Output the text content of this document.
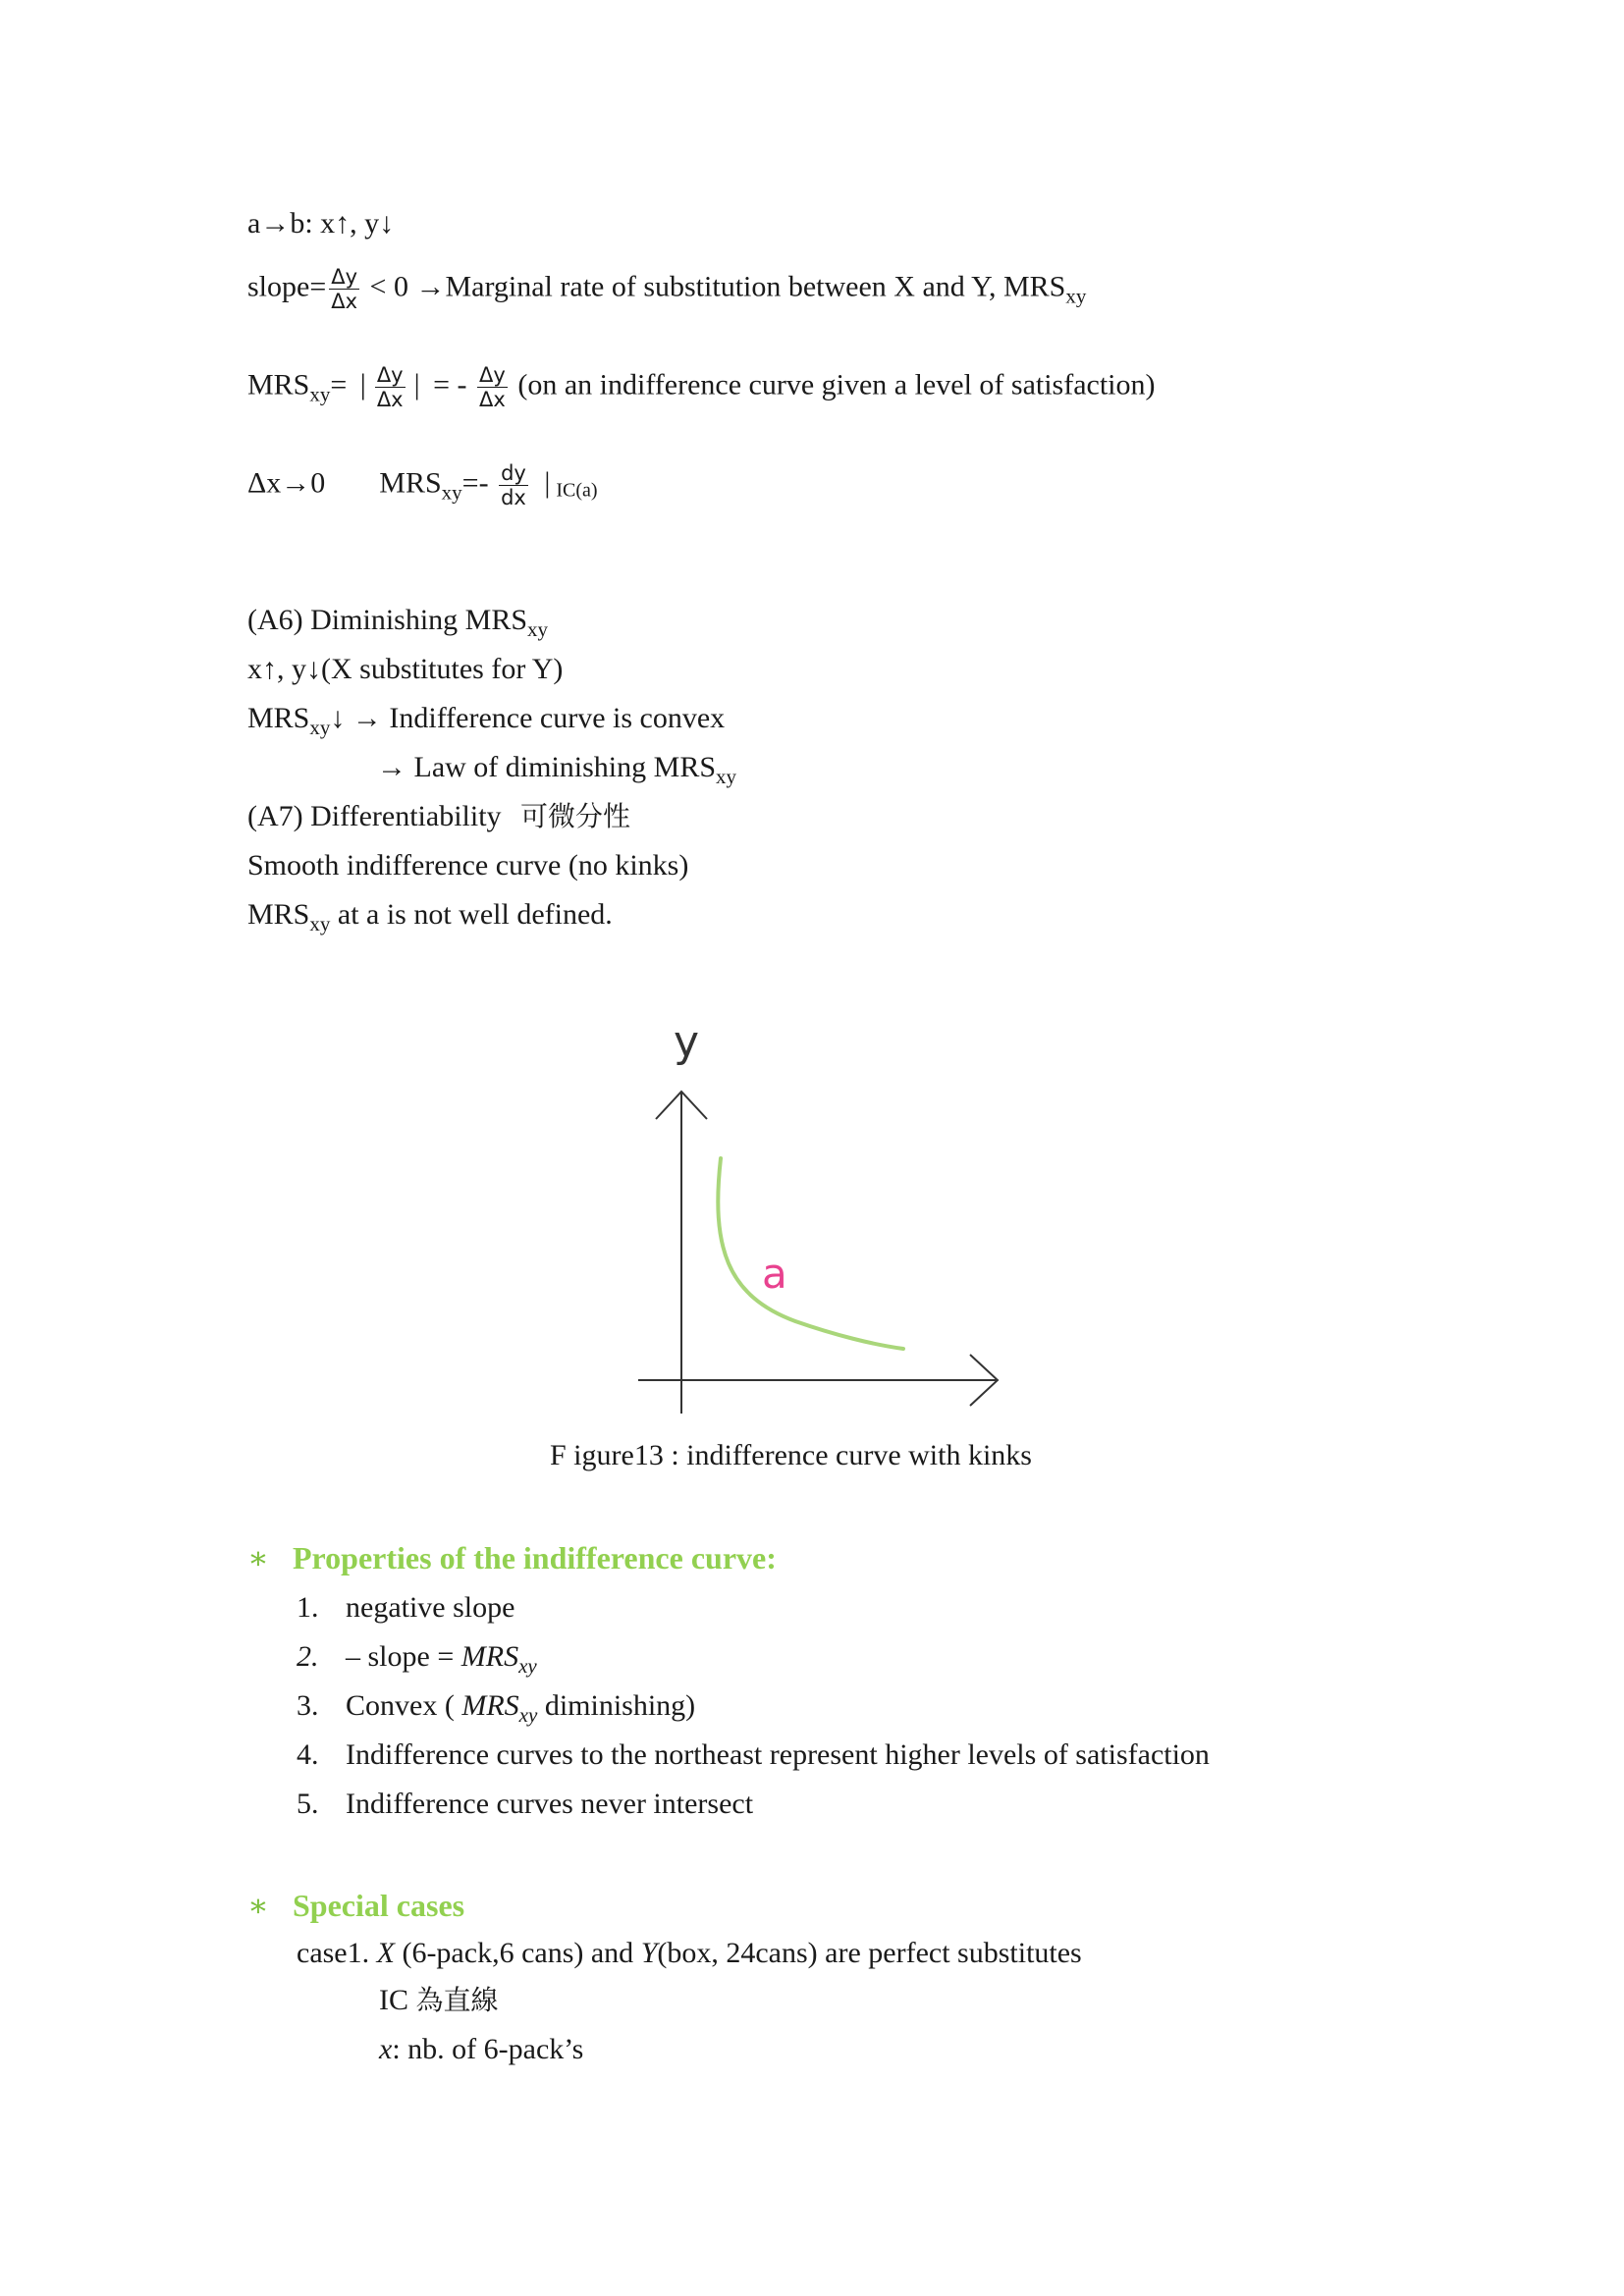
a→b: x↑, y↓
slope= $\frac{\Delta y}{\Delta x} < 0$ →Marginal rate of substitution between X and Y, $MRS_{xy}$
$MRS_{xy}=$ | $\frac{\Delta y}{\Delta x}$ | = - $\frac{\Delta y}{\Delta x} (on$ an indifference curve given a level of satisfaction)
Δx→0 $MRS_{xy}=- \frac{dy}{dx}$ | IC(a)
(A6) Diminishing $MRS_{xy}$
x↑, y↓(X substitutes for Y)
$MRS_{xy}↓$ → Indifference curve is convex
→ Law of diminishing $MRS_{xy}$
(A7) Differentiability 可微分性
Smooth indifference curve (no kinks)
$MRS_{xy}$ at a is not well defined.
y
a
F igure13 : indifference curve with kinks
∗ Properties of the indifference curve:
1. negative slope
2. – slope = $MRS_{xy}$
3. Convex ( $MRS_{xy}$ diminishing)
4. Indifference curves to the northeast represent higher levels of satisfaction
5. Indifference curves never intersect
∗ Special cases
case1. X (6-pack,6 cans) and Y(box, 24cans) are perfect substitutes
IC 為直線
x: nb. of 6-pack’s
